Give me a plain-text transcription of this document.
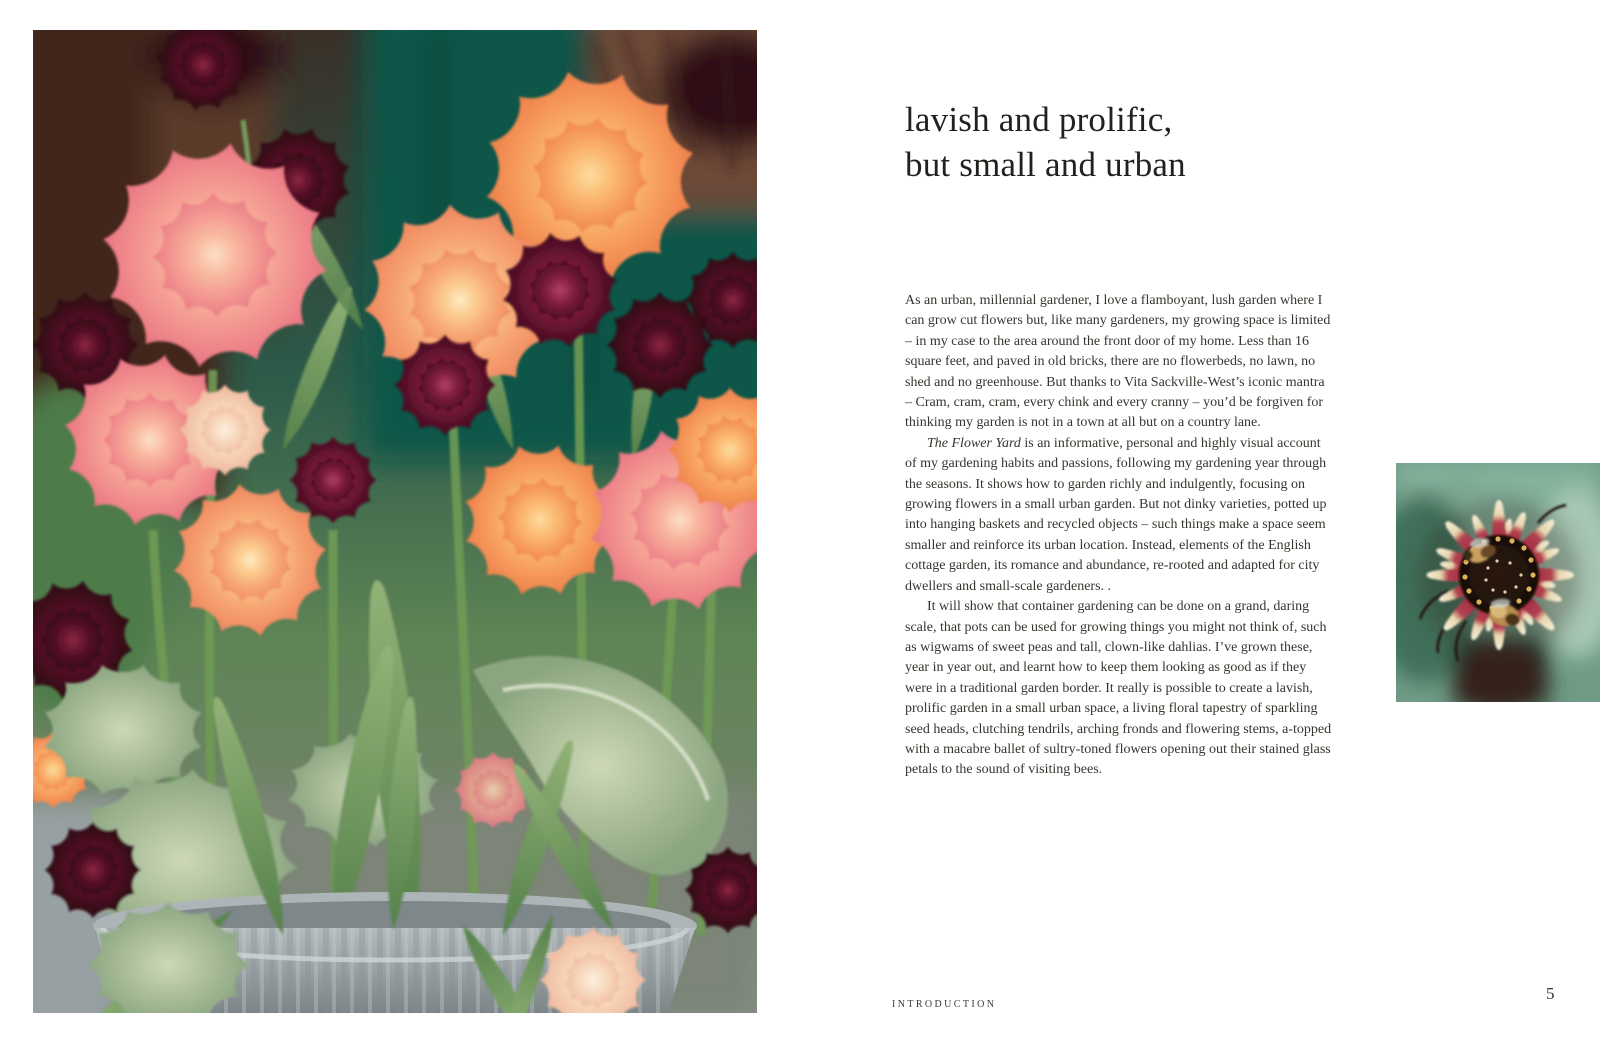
lavish and prolific,
but small and urban

As an urban, millennial gardener, I love a flamboyant, lush garden where I can grow cut flowers but, like many gardeners, my growing space is limited – in my case to the area around the front door of my home. Less than 16 square feet, and paved in old bricks, there are no flowerbeds, no lawn, no shed and no greenhouse. But thanks to Vita Sackville-West’s iconic mantra – Cram, cram, cram, every chink and every cranny – you’d be forgiven for thinking my garden is not in a town at all but on a country lane.

The Flower Yard is an informative, personal and highly visual account of my gardening habits and passions, following my gardening year through the seasons. It shows how to garden richly and indulgently, focusing on growing flowers in a small urban garden. But not dinky varieties, potted up into hanging baskets and recycled objects – such things make a space seem smaller and reinforce its urban location. Instead, elements of the English cottage garden, its romance and abundance, re-rooted and adapted for city dwellers and small-scale gardeners. .

It will show that container gardening can be done on a grand, daring scale, that pots can be used for growing things you might not think of, such as wigwams of sweet peas and tall, clown-like dahlias. I’ve grown these, year in year out, and learnt how to keep them looking as good as if they were in a traditional garden border. It really is possible to create a lavish, prolific garden in a small urban space, a living floral tapestry of sparkling seed heads, clutching tendrils, arching fronds and flowering stems, a-topped with a macabre ballet of sultry-toned flowers opening out their stained glass petals to the sound of visiting bees.

INTRODUCTION
5
